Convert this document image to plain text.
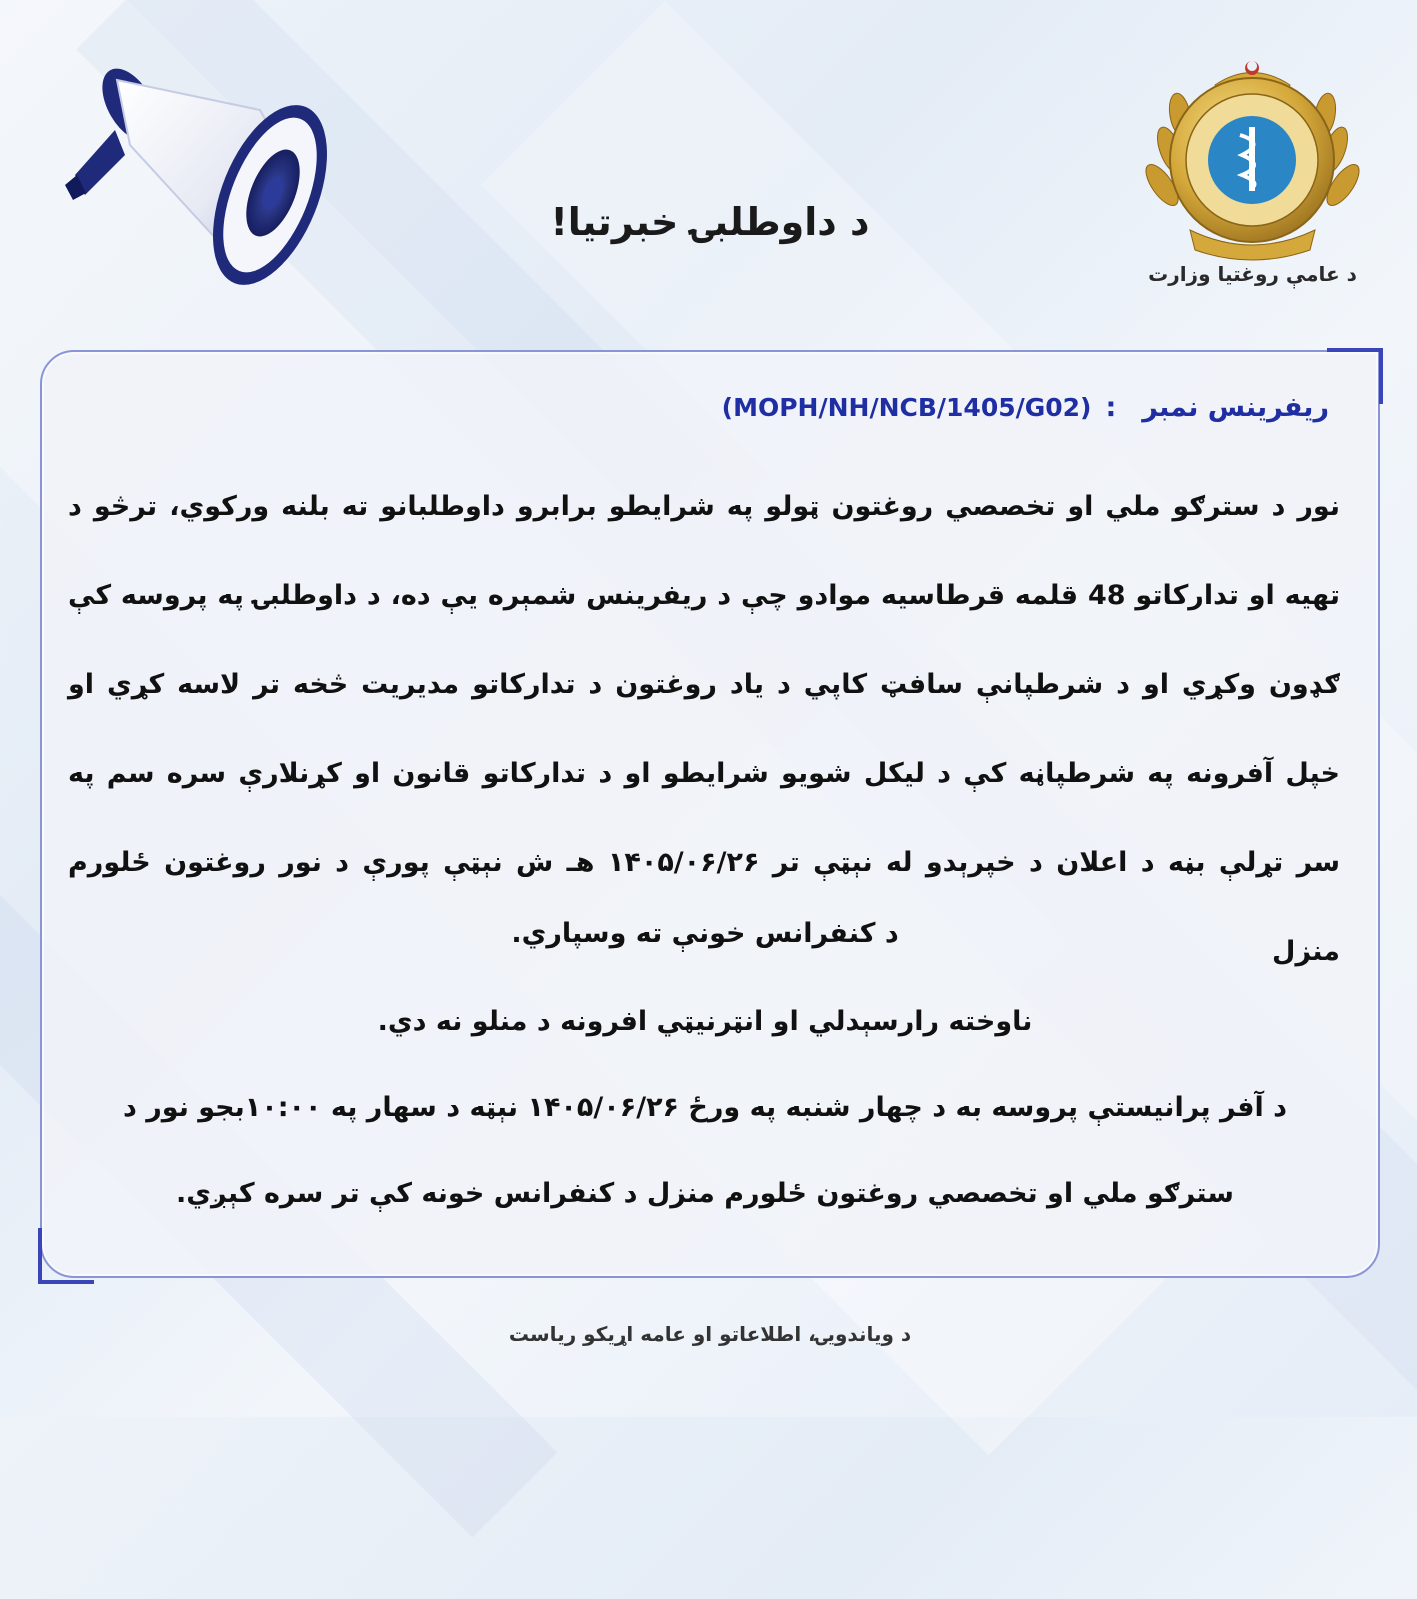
د عامې روغتیا وزارت
د داوطلبۍ خبرتیا!
ریفرینس نمبر:(MOPH/NH/NCB/1405/G02)
نور د سترګو ملي او تخصصي روغتون ټولو په شرایطو برابرو داوطلبانو ته بلنه ورکوي، ترڅو د تهیه او تدارکاتو 48 قلمه قرطاسیه موادو چې د ریفرینس شمېره یې ده، د داوطلبۍ په پروسه کې ګډون وکړي او د شرطپانې سافټ کاپي د یاد روغتون د تدارکاتو مدیریت څخه تر لاسه کړي او خپل آفرونه په شرطپاڼه کې د لیکل شویو شرایطو او د تدارکاتو قانون او کړنلارې سره سم په سر تړلې بڼه د اعلان د خپرېدو له نېټې تر ۱۴۰۵/۰۶/۲۶ هـ ش نېټې پورې د نور روغتون ځلورم منزل
د کنفرانس خونې ته وسپاري.
ناوخته رارسېدلي او انټرنیټي افرونه د منلو نه دي.
د آفر پرانیستې پروسه به د چهار شنبه په ورځ ۱۴۰۵/۰۶/۲۶ نېټه د سهار په ۱۰:۰۰بجو نور د
سترګو ملي او تخصصي روغتون ځلورم منزل د کنفرانس خونه کې تر سره کېږي.
د ویاندویۍ، اطلاعاتو او عامه اړیکو ریاست
